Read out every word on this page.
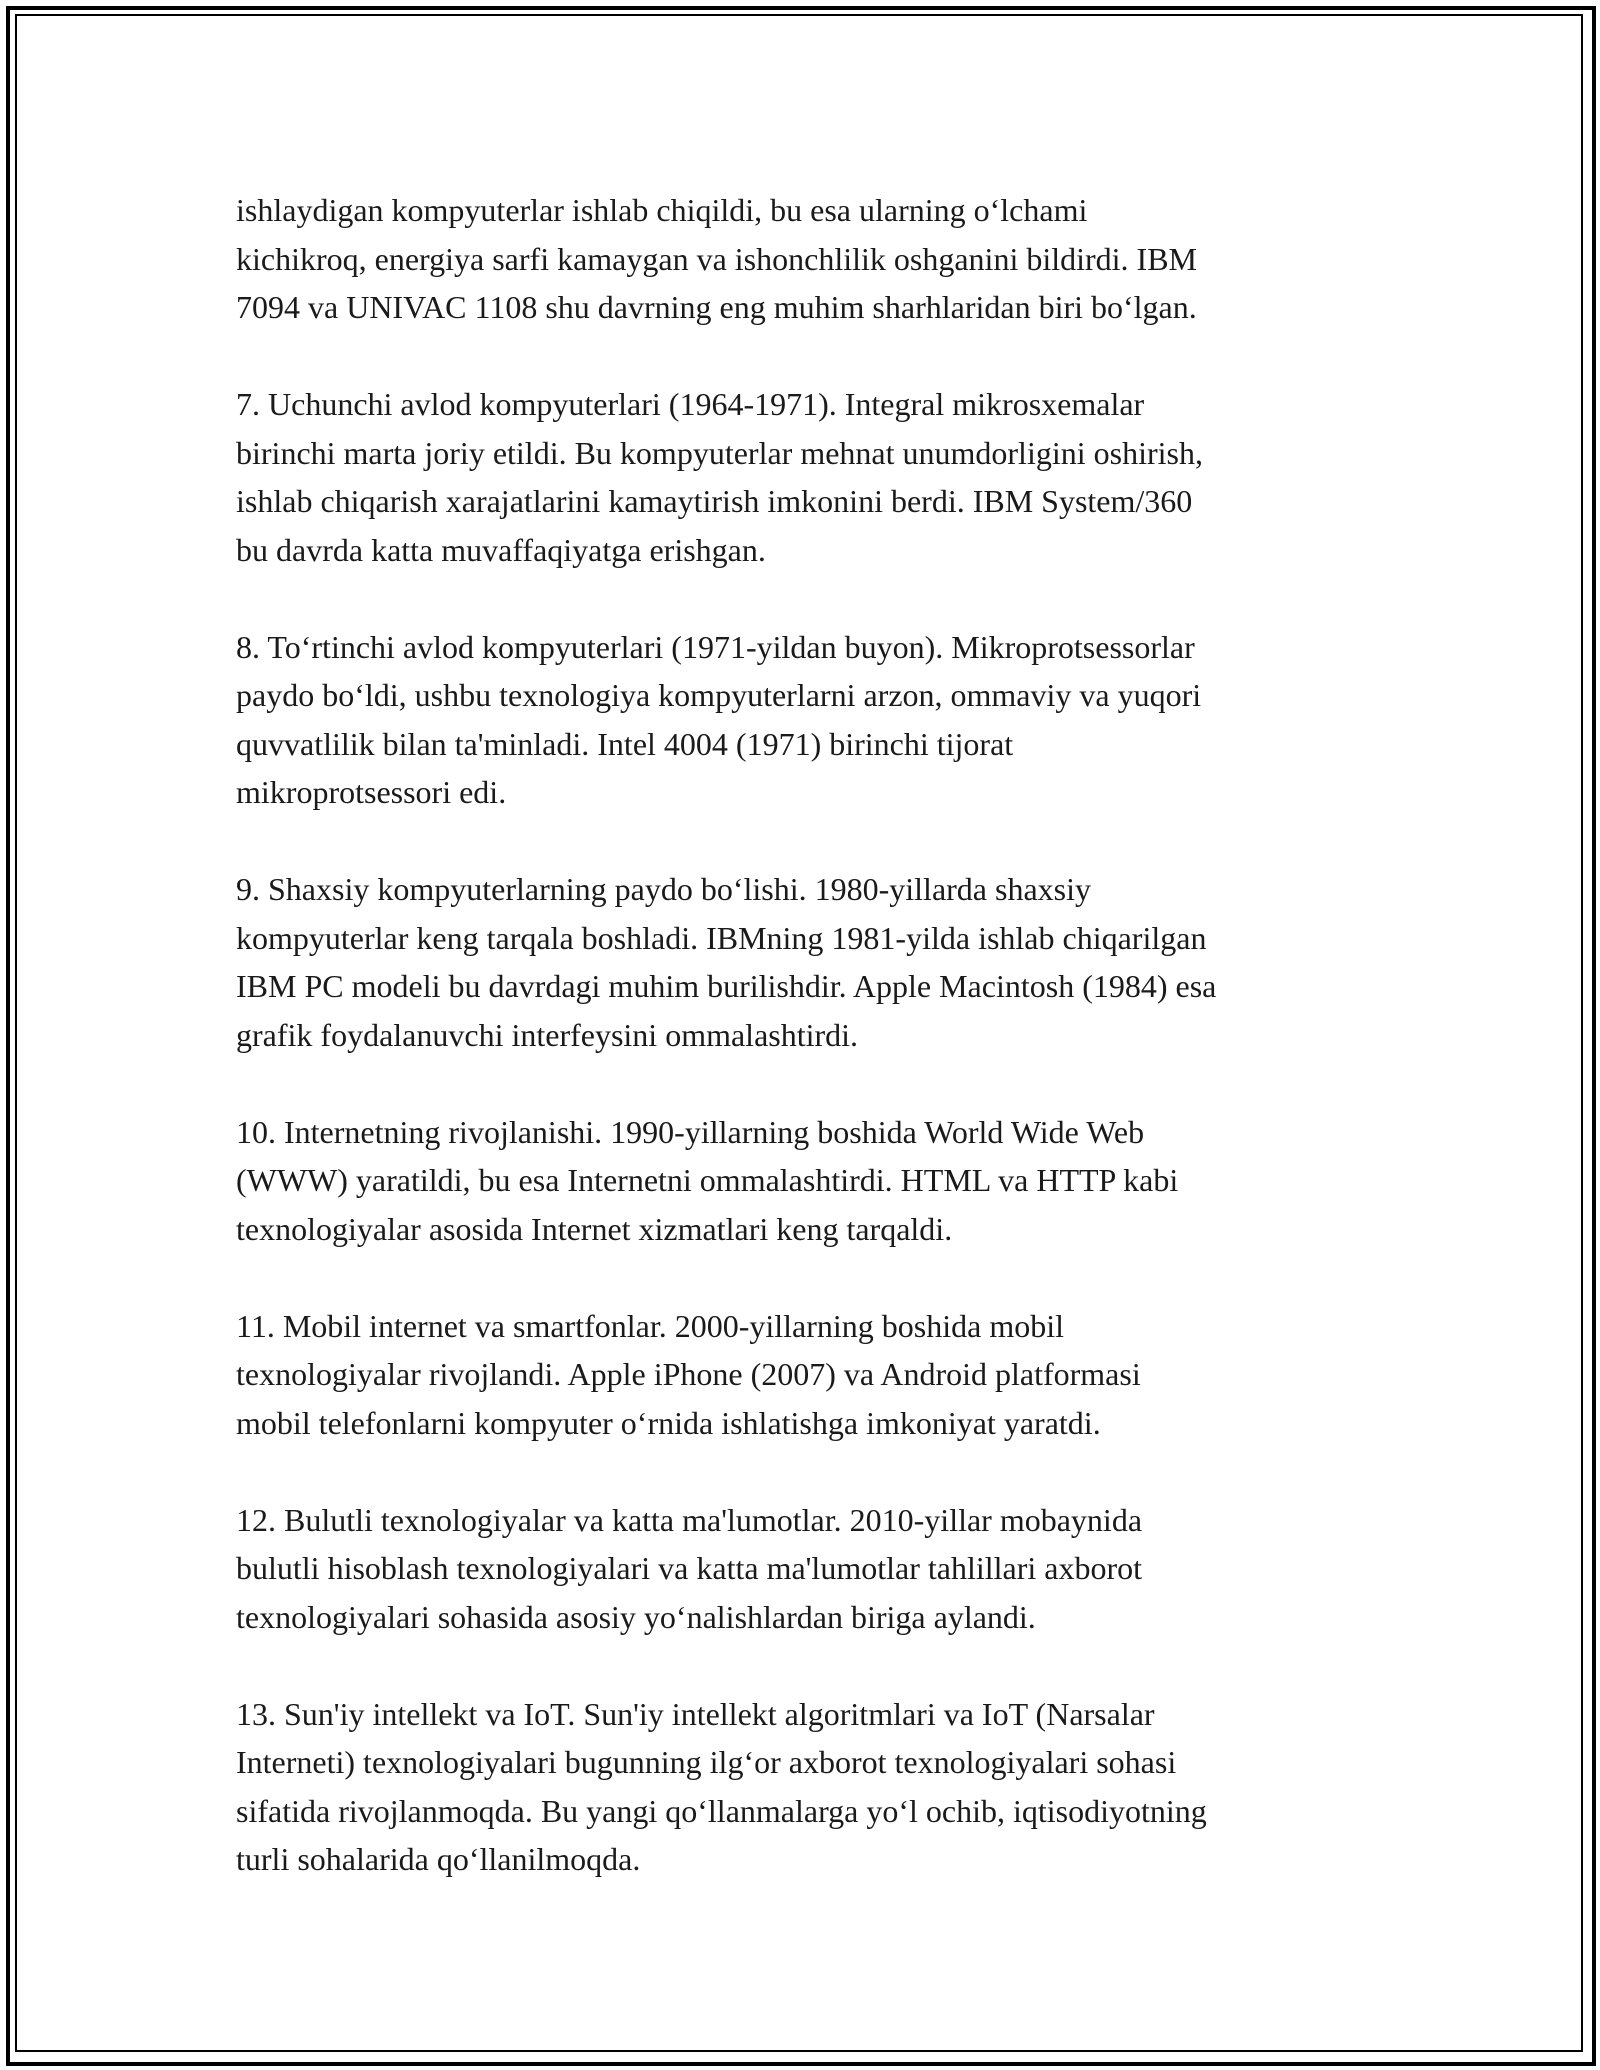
ishlaydigan kompyuterlar ishlab chiqildi, bu esa ularning o‘lchami
kichikroq, energiya sarfi kamaygan va ishonchlilik oshganini bildirdi. IBM
7094 va UNIVAC 1108 shu davrning eng muhim sharhlaridan biri bo‘lgan.

7. Uchunchi avlod kompyuterlari (1964-1971). Integral mikrosxemalar
birinchi marta joriy etildi. Bu kompyuterlar mehnat unumdorligini oshirish,
ishlab chiqarish xarajatlarini kamaytirish imkonini berdi. IBM System/360
bu davrda katta muvaffaqiyatga erishgan.

8. To‘rtinchi avlod kompyuterlari (1971-yildan buyon). Mikroprotsessorlar
paydo bo‘ldi, ushbu texnologiya kompyuterlarni arzon, ommaviy va yuqori
quvvatlilik bilan ta'minladi. Intel 4004 (1971) birinchi tijorat
mikroprotsessori edi.

9. Shaxsiy kompyuterlarning paydo bo‘lishi. 1980-yillarda shaxsiy
kompyuterlar keng tarqala boshladi. IBMning 1981-yilda ishlab chiqarilgan
IBM PC modeli bu davrdagi muhim burilishdir. Apple Macintosh (1984) esa
grafik foydalanuvchi interfeysini ommalashtirdi.

10. Internetning rivojlanishi. 1990-yillarning boshida World Wide Web
(WWW) yaratildi, bu esa Internetni ommalashtirdi. HTML va HTTP kabi
texnologiyalar asosida Internet xizmatlari keng tarqaldi.

11. Mobil internet va smartfonlar. 2000-yillarning boshida mobil
texnologiyalar rivojlandi. Apple iPhone (2007) va Android platformasi
mobil telefonlarni kompyuter o‘rnida ishlatishga imkoniyat yaratdi.

12. Bulutli texnologiyalar va katta ma'lumotlar. 2010-yillar mobaynida
bulutli hisoblash texnologiyalari va katta ma'lumotlar tahlillari axborot
texnologiyalari sohasida asosiy yo‘nalishlardan biriga aylandi.

13. Sun'iy intellekt va IoT. Sun'iy intellekt algoritmlari va IoT (Narsalar
Interneti) texnologiyalari bugunning ilg‘or axborot texnologiyalari sohasi
sifatida rivojlanmoqda. Bu yangi qo‘llanmalarga yo‘l ochib, iqtisodiyotning
turli sohalarida qo‘llanilmoqda.
